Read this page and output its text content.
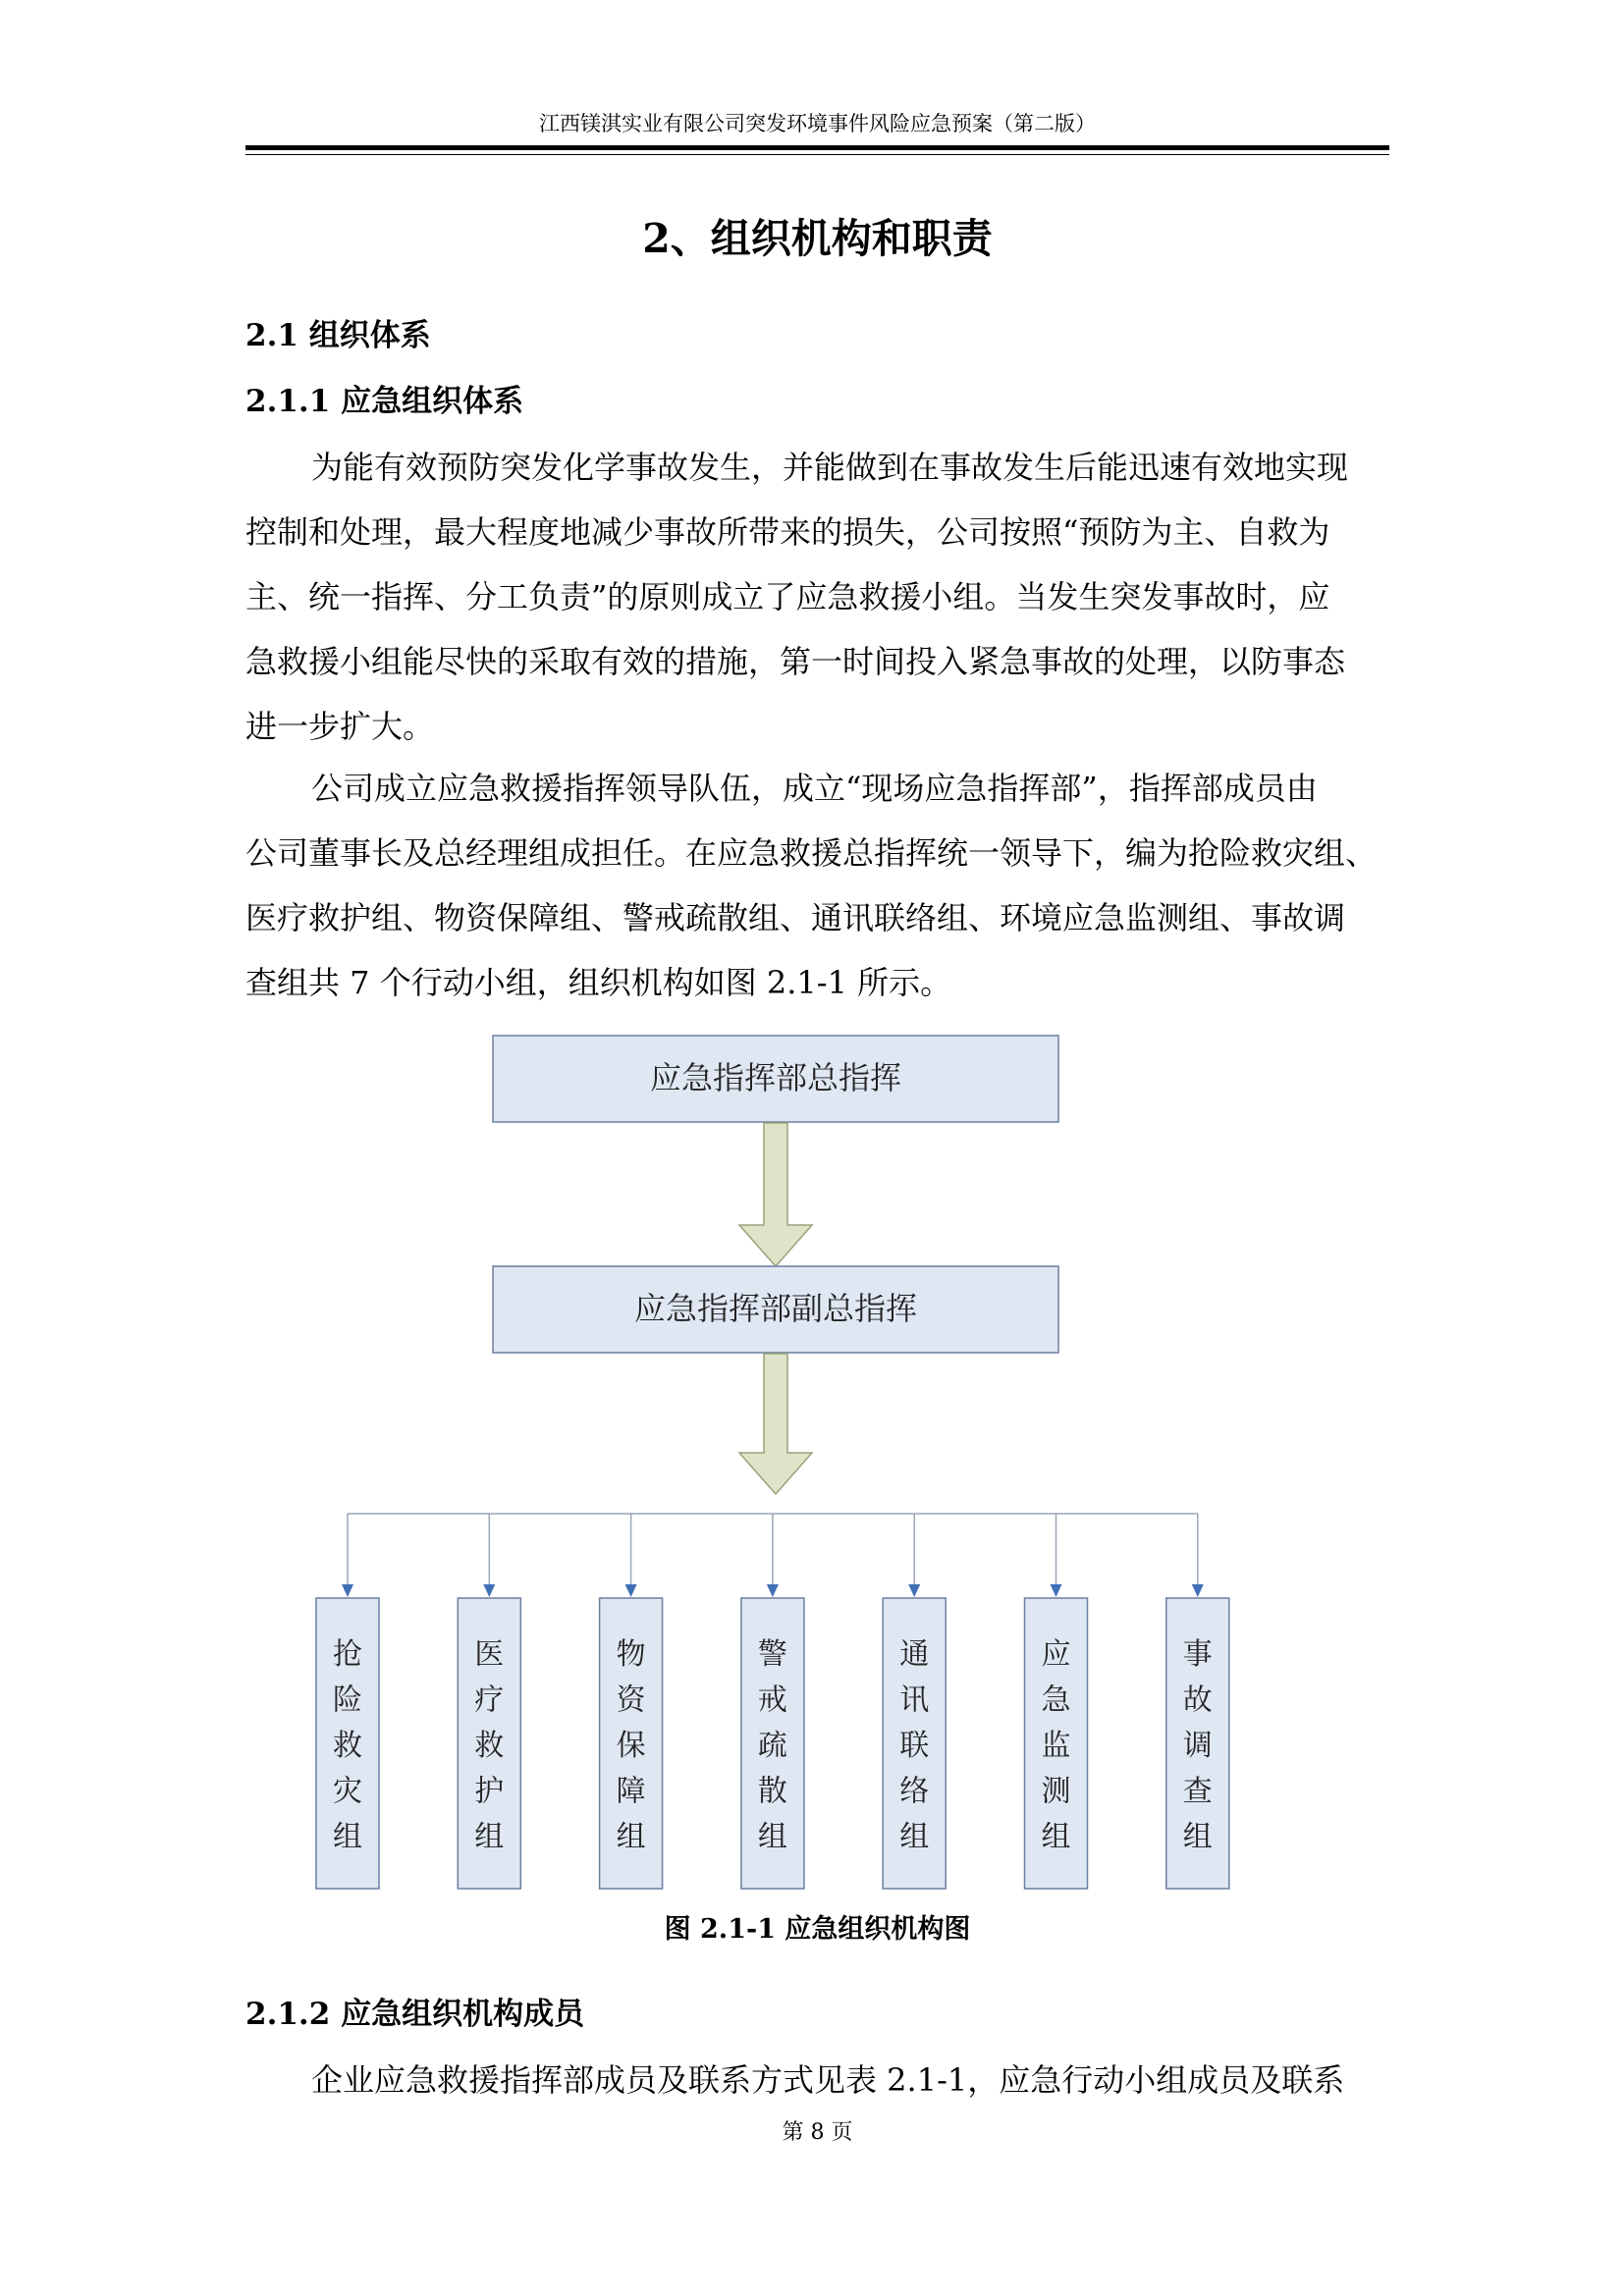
江西镁淇实业有限公司突发环境事件风险应急预案（第二版）
2、组织机构和职责
2.1 组织体系
2.1.1 应急组织体系
为能有效预防突发化学事故发生，并能做到在事故发生后能迅速有效地实现
控制和处理，最大程度地减少事故所带来的损失，公司按照“预防为主、自救为
主、统一指挥、分工负责”的原则成立了应急救援小组。当发生突发事故时，应
急救援小组能尽快的采取有效的措施，第一时间投入紧急事故的处理，以防事态
进一步扩大。
公司成立应急救援指挥领导队伍，成立“现场应急指挥部”，指挥部成员由
公司董事长及总经理组成担任。在应急救援总指挥统一领导下，编为抢险救灾组、
医疗救护组、物资保障组、警戒疏散组、通讯联络组、环境应急监测组、事故调
查组共 7 个行动小组，组织机构如图 2.1-1 所示。
应急指挥部总指挥
应急指挥部副总指挥
抢
险
救
灾
组
医
疗
救
护
组
物
资
保
障
组
警
戒
疏
散
组
通
讯
联
络
组
应
急
监
测
组
事
故
调
查
组
图 2.1-1 应急组织机构图
2.1.2 应急组织机构成员
企业应急救援指挥部成员及联系方式见表 2.1-1，应急行动小组成员及联系
第 8 页
